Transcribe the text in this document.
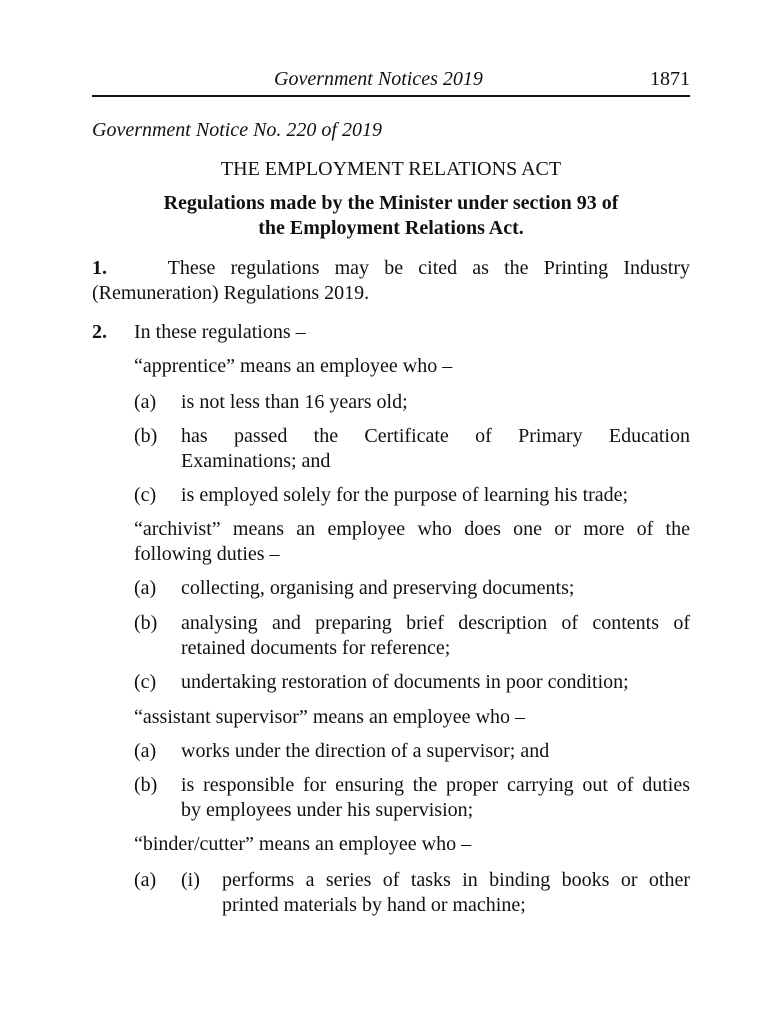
Government Notices 2019	1871
Government Notice No. 220 of 2019
THE EMPLOYMENT RELATIONS ACT
Regulations made by the Minister under section 93 of
the Employment Relations Act.
1.	These regulations may be cited as the Printing Industry
(Remuneration) Regulations 2019.
2. In these regulations –
“apprentice” means an employee who –
(a) is not less than 16 years old;
(b) has passed the Certificate of Primary Education
Examinations; and
(c) is employed solely for the purpose of learning his trade;
“archivist” means an employee who does one or more of the
following duties –
(a) collecting, organising and preserving documents;
(b) analysing and preparing brief description of contents of
retained documents for reference;
(c) undertaking restoration of documents in poor condition;
“assistant supervisor” means an employee who –
(a) works under the direction of a supervisor; and
(b) is responsible for ensuring the proper carrying out of duties
by employees under his supervision;
“binder/cutter” means an employee who –
(a) (i) performs a series of tasks in binding books or other
printed materials by hand or machine;
